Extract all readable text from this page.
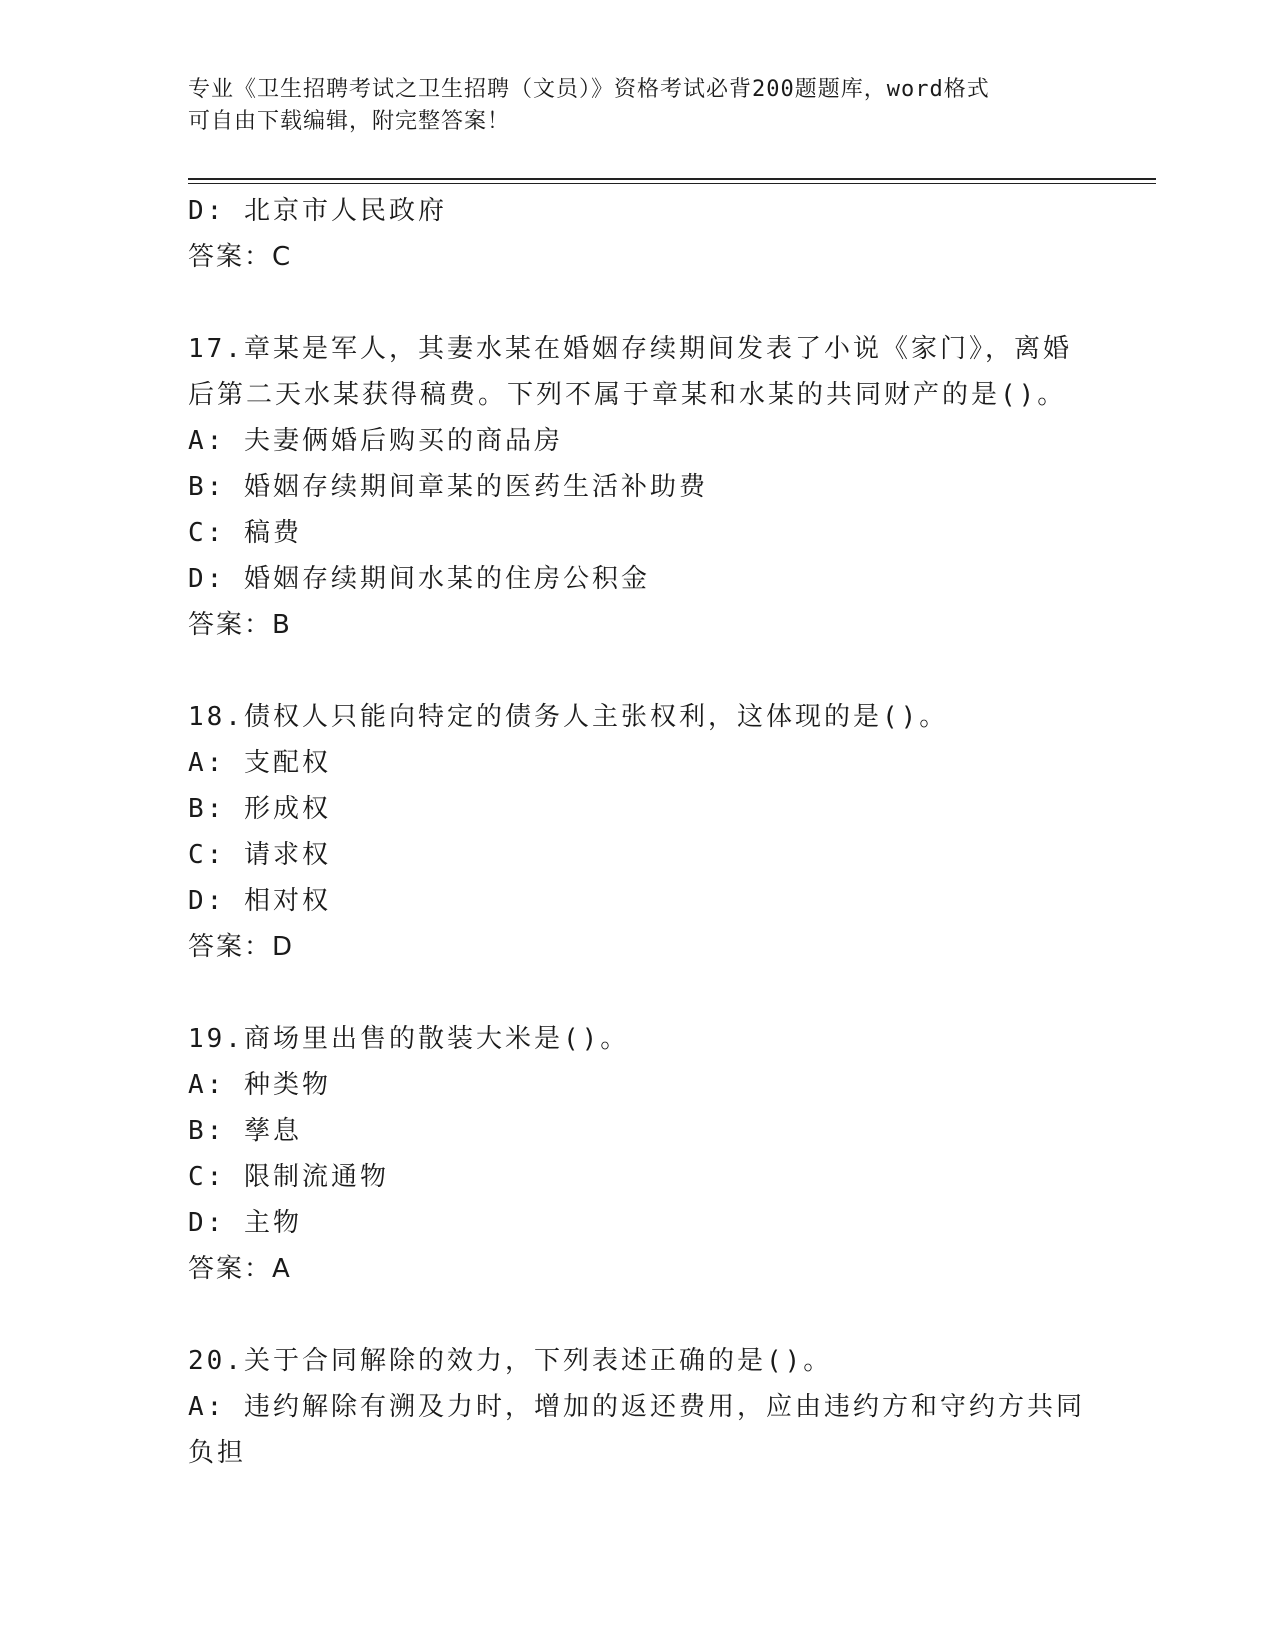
专业《卫生招聘考试之卫生招聘（文员）》资格考试必背200题题库，word格式
可自由下载编辑，附完整答案！
D: 北京市人民政府
答案：C
17.章某是军人，其妻水某在婚姻存续期间发表了小说《家门》，离婚
后第二天水某获得稿费。下列不属于章某和水某的共同财产的是()。
A: 夫妻俩婚后购买的商品房
B: 婚姻存续期间章某的医药生活补助费
C: 稿费
D: 婚姻存续期间水某的住房公积金
答案：B
18.债权人只能向特定的债务人主张权利，这体现的是()。
A: 支配权
B: 形成权
C: 请求权
D: 相对权
答案：D
19.商场里出售的散装大米是()。
A: 种类物
B: 孳息
C: 限制流通物
D: 主物
答案：A
20.关于合同解除的效力，下列表述正确的是()。
A: 违约解除有溯及力时，增加的返还费用，应由违约方和守约方共同
负担
